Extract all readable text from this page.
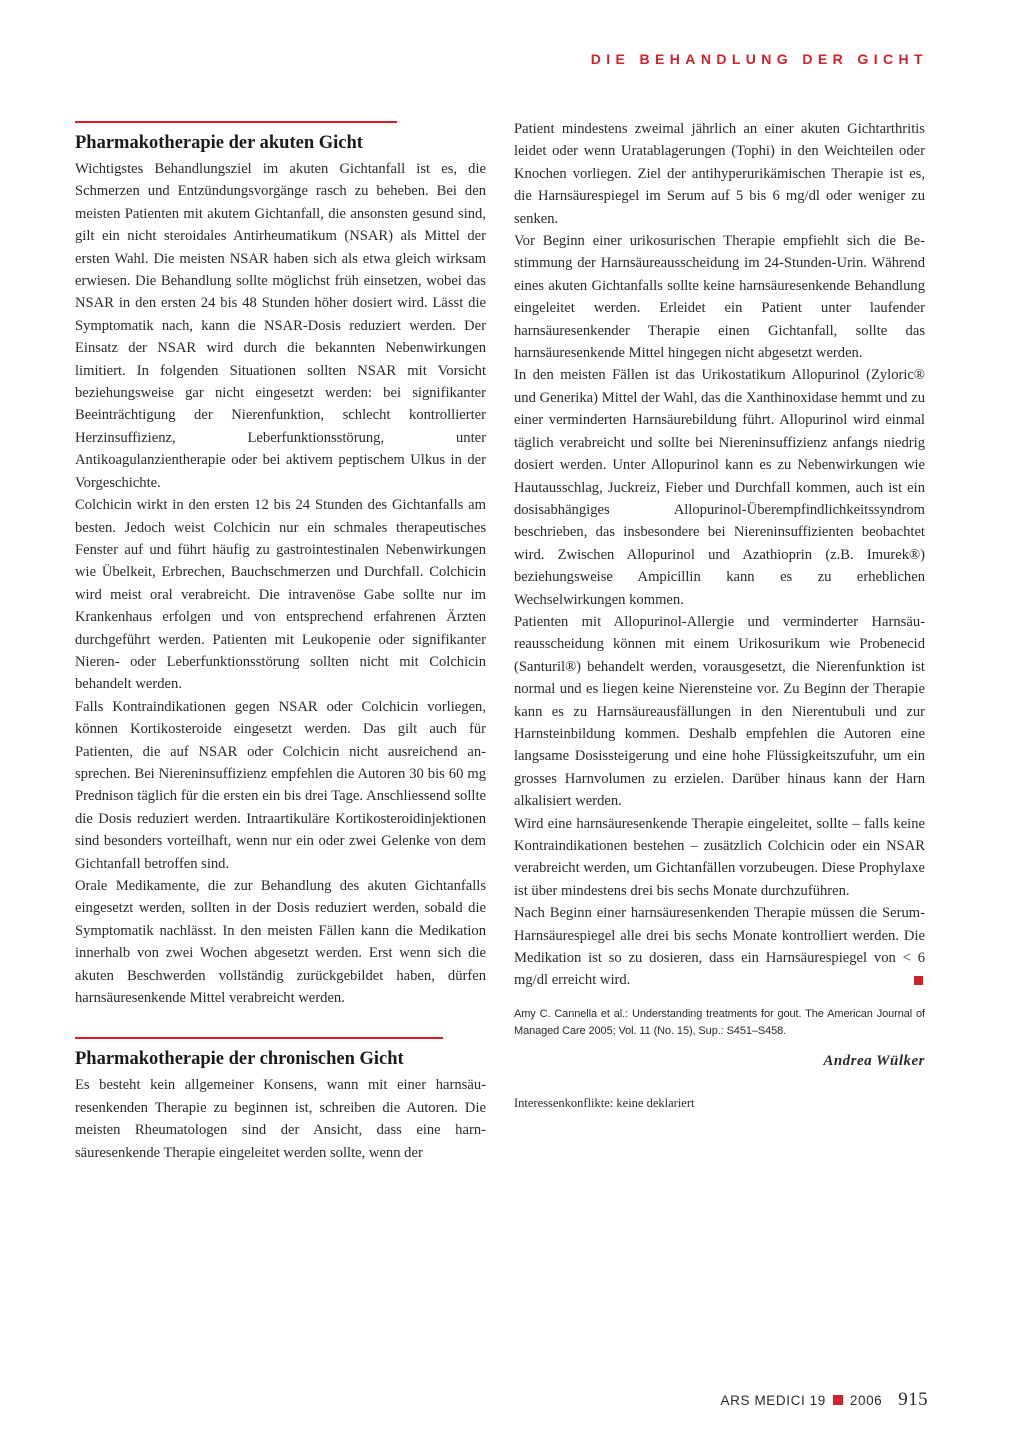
DIE BEHANDLUNG DER GICHT
Pharmakotherapie der akuten Gicht

Wichtigstes Behandlungsziel im akuten Gichtanfall ist es, die Schmerzen und Entzündungsvorgänge rasch zu beheben. Bei den meisten Patienten mit akutem Gichtanfall, die ansonsten gesund sind, gilt ein nicht steroidales Antirheumatikum (NSAR) als Mittel der ersten Wahl. Die meisten NSAR haben sich als etwa gleich wirksam erwiesen. Die Behandlung sollte möglichst früh einsetzen, wobei das NSAR in den ersten 24 bis 48 Stunden höher dosiert wird. Lässt die Symptomatik nach, kann die NSAR-Dosis reduziert werden. Der Einsatz der NSAR wird durch die bekannten Nebenwirkungen limitiert. In folgenden Situationen sollten NSAR mit Vorsicht beziehungsweise gar nicht eingesetzt werden: bei signifikanter Beeinträchtigung der Nierenfunktion, schlecht kontrollierter Herzinsuffizienz, Leberfunktionsstörung, unter Antikoagulanzientherapie oder bei aktivem peptischem Ulkus in der Vorgeschichte.

Colchicin wirkt in den ersten 12 bis 24 Stunden des Gichtanfalls am besten. Jedoch weist Colchicin nur ein schmales therapeutisches Fenster auf und führt häufig zu gastrointestinalen Nebenwirkungen wie Übelkeit, Erbrechen, Bauchschmerzen und Durchfall. Colchicin wird meist oral verabreicht. Die intravenöse Gabe sollte nur im Krankenhaus erfolgen und von entsprechend erfahrenen Ärzten durchgeführt werden. Patienten mit Leukopenie oder signifikanter Nieren- oder Leberfunktionsstörung sollten nicht mit Colchicin behandelt werden.

Falls Kontraindikationen gegen NSAR oder Colchicin vorliegen, können Kortikosteroide eingesetzt werden. Das gilt auch für Patienten, die auf NSAR oder Colchicin nicht ausreichend ansprechen. Bei Niereninsuffizienz empfehlen die Autoren 30 bis 60 mg Prednison täglich für die ersten ein bis drei Tage. Anschliessend sollte die Dosis reduziert werden. Intraartikuläre Kortikosteroidinjektionen sind besonders vorteilhaft, wenn nur ein oder zwei Gelenke von dem Gichtanfall betroffen sind.

Orale Medikamente, die zur Behandlung des akuten Gichtanfalls eingesetzt werden, sollten in der Dosis reduziert werden, sobald die Symptomatik nachlässt. In den meisten Fällen kann die Medikation innerhalb von zwei Wochen abgesetzt werden. Erst wenn sich die akuten Beschwerden vollständig zurückgebildet haben, dürfen harnsäuresenkende Mittel verabreicht werden.

Pharmakotherapie der chronischen Gicht

Es besteht kein allgemeiner Konsens, wann mit einer harnsäuresenkenden Therapie zu beginnen ist, schreiben die Autoren. Die meisten Rheumatologen sind der Ansicht, dass eine harnsäuresenkende Therapie eingeleitet werden sollte, wenn der

Patient mindestens zweimal jährlich an einer akuten Gichtarthritis leidet oder wenn Uratablagerungen (Tophi) in den Weichteilen oder Knochen vorliegen. Ziel der antihyperurikämischen Therapie ist es, die Harnsäurespiegel im Serum auf 5 bis 6 mg/dl oder weniger zu senken.

Vor Beginn einer urikosurischen Therapie empfiehlt sich die Bestimmung der Harnsäureausscheidung im 24-Stunden-Urin. Während eines akuten Gichtanfalls sollte keine harnsäuresenkende Behandlung eingeleitet werden. Erleidet ein Patient unter laufender harnsäuresenkender Therapie einen Gichtanfall, sollte das harnsäuresenkende Mittel hingegen nicht abgesetzt werden.

In den meisten Fällen ist das Urikostatikum Allopurinol (Zyloric® und Generika) Mittel der Wahl, das die Xanthinoxidase hemmt und zu einer verminderten Harnsäurebildung führt. Allopurinol wird einmal täglich verabreicht und sollte bei Niereninsuffizienz anfangs niedrig dosiert werden. Unter Allopurinol kann es zu Nebenwirkungen wie Hautausschlag, Juckreiz, Fieber und Durchfall kommen, auch ist ein dosisabhängiges Allopurinol-Überempfindlichkeitssyndrom beschrieben, das insbesondere bei Niereninsuffizienten beobachtet wird. Zwischen Allopurinol und Azathioprin (z.B. Imurek®) beziehungsweise Ampicillin kann es zu erheblichen Wechselwirkungen kommen.

Patienten mit Allopurinol-Allergie und verminderter Harnsäureausscheidung können mit einem Urikosurikum wie Probenecid (Santuril®) behandelt werden, vorausgesetzt, die Nierenfunktion ist normal und es liegen keine Nierensteine vor. Zu Beginn der Therapie kann es zu Harnsäureausfällungen in den Nierentubuli und zur Harnsteinbildung kommen. Deshalb empfehlen die Autoren eine langsame Dosissteigerung und eine hohe Flüssigkeitszufuhr, um ein grosses Harnvolumen zu erzielen. Darüber hinaus kann der Harn alkalisiert werden.

Wird eine harnsäuresenkende Therapie eingeleitet, sollte – falls keine Kontraindikationen bestehen – zusätzlich Colchicin oder ein NSAR verabreicht werden, um Gichtanfällen vorzubeugen. Diese Prophylaxe ist über mindestens drei bis sechs Monate durchzuführen.

Nach Beginn einer harnsäuresenkenden Therapie müssen die Serum-Harnsäurespiegel alle drei bis sechs Monate kontrolliert werden. Die Medikation ist so zu dosieren, dass ein Harnsäurespiegel von < 6 mg/dl erreicht wird.

Amy C. Cannella et al.: Understanding treatments for gout. The American Journal of Managed Care 2005; Vol. 11 (No. 15), Sup.: S451–S458.
Andrea Wülker
Interessenkonflikte: keine deklariert
ARS MEDICI 19 2006 915
